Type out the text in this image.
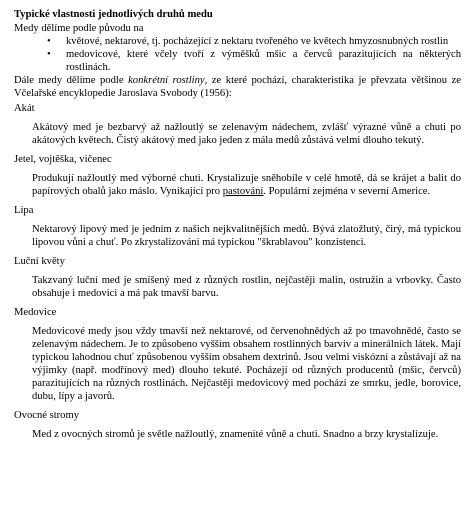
Typické vlastnosti jednotlivých druhů medu

Medy dělíme podle původu na

• květové, nektarové, tj. pocházející z nektaru tvořeného ve květech hmyzosnubných rostlin
• medovicové, které včely tvoří z výměšků mšic a červců parazitujících na některých rostlinách.

Dále medy dělíme podle konkrétní rostliny, ze které pochází, charakteristika je převzata většinou ze Včelařské encyklopedie Jaroslava Svobody (1956):

Akát

Akátový med je bezbarvý až nažloutlý se zelenavým nádechem, zvlášť výrazné vůně a chuti po akátových květech. Čistý akátový med jako jeden z mála medů zůstává velmi dlouho tekutý.

Jetel, vojtěška, vičenec

Produkují nažloutlý med výborné chuti. Krystalizuje sněhobíle v celé hmotě, dá se krájet a balit do papírových obalů jako máslo. Vynikající pro pastování. Populární zejména v severní Americe.

Lípa

Nektarový lipový med je jedním z našich nejkvalitnějších medů. Bývá zlatožlutý, čirý, má typickou lipovou vůni a chuť. Po zkrystalizování má typickou "škrablavou" konzistenci.

Luční květy

Takzvaný luční med je smíšený med z různých rostlin, nejčastěji malin, ostružin a vrbovky. Často obsahuje i medovici a má pak tmavší barvu.

Medovice

Medovicové medy jsou vždy tmavší než nektarové, od červenohnědých až po tmavohnědé, často se zelenavým nádechem. Je to způsobeno vyšším obsahem rostlinných barviv a minerálních látek. Mají typickou lahodnou chuť způsobenou vyšším obsahem dextrinů. Jsou velmi viskózní a zůstávají až na výjimky (např. modřínový med) dlouho tekuté. Pocházejí od různých producentů (mšic, červců) parazitujících na různých rostlinách. Nejčastěji medovicový med pochází ze smrku, jedle, borovice, dubu, lípy a javorů.

Ovocné stromy

Med z ovocných stromů je světle nažloutlý, znamenité vůně a chuti. Snadno a brzy krystalizuje.
